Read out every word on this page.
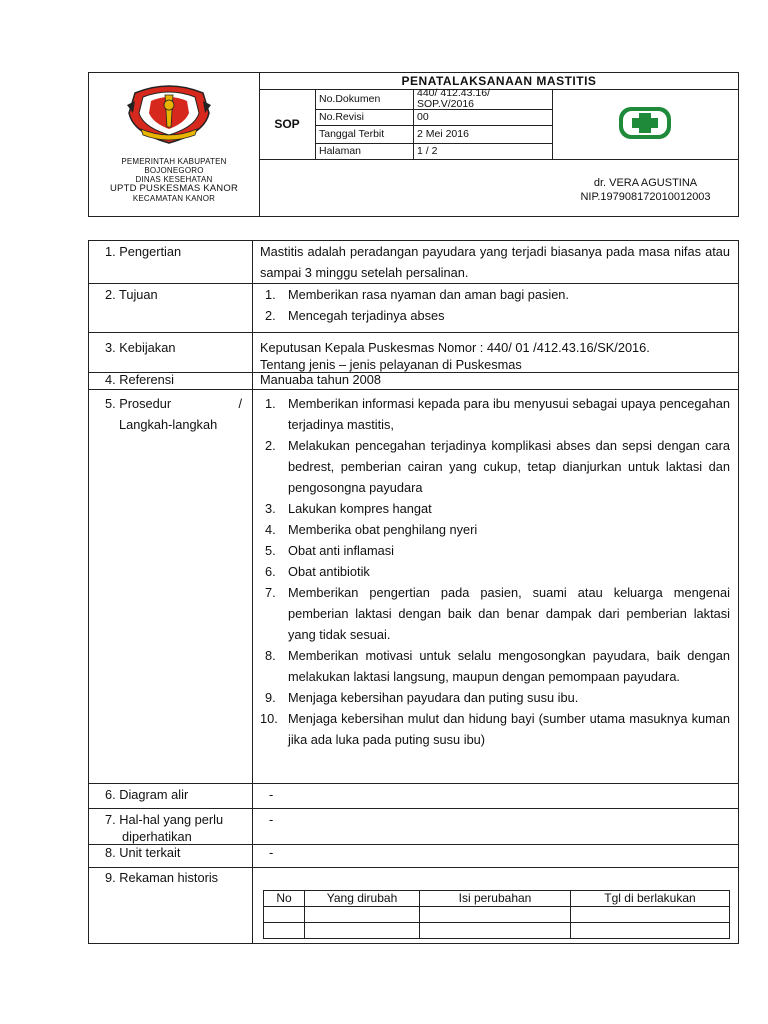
PEMERINTAH KABUPATEN
BOJONEGORO
DINAS KESEHATAN
UPTD PUSKESMAS KANOR
KECAMATAN KANOR
PENATALAKSANAAN MASTITIS
SOP
No.Dokumen	440/ 412.43.16/ SOP.V/2016
No.Revisi	00
Tanggal Terbit	2 Mei 2016
Halaman	1 / 2
dr. VERA AGUSTINA
NIP.197908172010012003
1. Pengertian	Mastitis adalah peradangan payudara yang terjadi biasanya pada masa nifas atau sampai 3 minggu setelah persalinan.
2. Tujuan	1. Memberikan rasa nyaman dan aman bagi pasien.
2. Mencegah terjadinya abses

3. Kebijakan	Keputusan Kepala Puskesmas Nomor : 440/ 01 /412.43.16/SK/2016.
Tentang jenis – jenis pelayanan di Puskesmas

4. Referensi	Manuaba tahun 2008

5. Prosedur	/
Langkah-langkah

1. Memberikan informasi kepada para ibu menyusui sebagai upaya pencegahan terjadinya mastitis,
2. Melakukan pencegahan terjadinya komplikasi abses dan sepsi dengan cara bedrest, pemberian cairan yang cukup, tetap dianjurkan untuk laktasi dan pengosongna payudara
3. Lakukan kompres hangat
4. Memberika obat penghilang nyeri
5. Obat anti inflamasi
6. Obat antibiotik
7. Memberikan pengertian pada pasien, suami atau keluarga mengenai pemberian laktasi dengan baik dan benar dampak dari pemberian laktasi yang tidak sesuai.
8. Memberikan motivasi untuk selalu mengosongkan payudara, baik dengan melakukan laktasi langsung, maupun dengan pemompaan payudara.
9. Menjaga kebersihan payudara dan puting susu ibu.
10. Menjaga kebersihan mulut dan hidung bayi (sumber utama masuknya kuman jika ada luka pada puting susu ibu)

6. Diagram alir	-

7. Hal-hal yang perlu
diperhatikan
	-
8. Unit terkait	-
9. Rekaman historis	
No	Yang dirubah	Isi perubahan	Tgl di berlakukan
